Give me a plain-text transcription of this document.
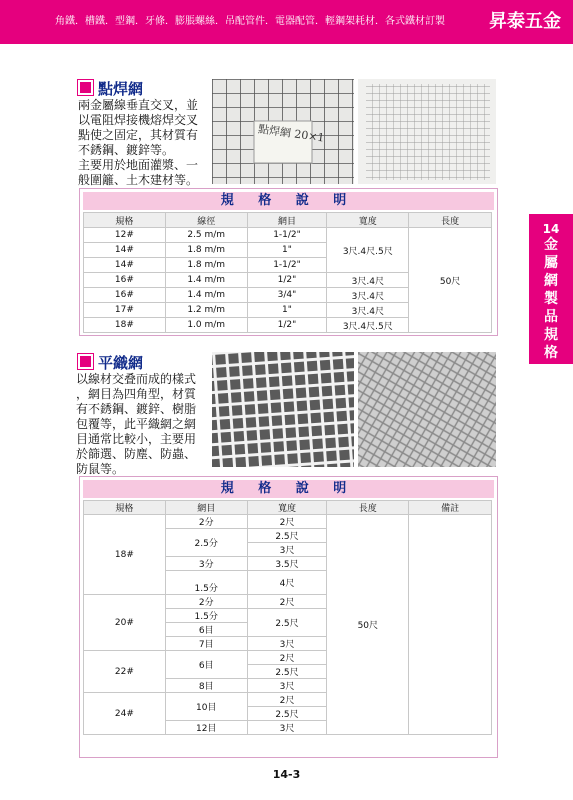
角鐵．槽鐵．型鋼．牙條．膨脹螺絲．吊配管件．電器配管．輕鋼架耗材．各式鐵材訂製 昇泰五金
14
金
屬
網
製
品
規
格
點焊網
兩金屬線垂直交叉，並
以電阻焊接機熔焊交叉
點使之固定，其材質有
不銹鋼、鍍鋅等。
主要用於地面灌漿、一
般圍籬、土木建材等。
點焊網 20×1
規 格 說 明
規格	線徑	網目	寬度	長度
12#	2.5 m/m	1-1/2"	3尺.4尺.5尺	50尺
14#	1.8 m/m	1"		
14#	1.8 m/m	1-1/2"		
16#	1.4 m/m	1/2"	3尺.4尺	
16#	1.4 m/m	3/4"	3尺.4尺	
17#	1.2 m/m	1"	3尺.4尺	
18#	1.0 m/m	1/2"	3尺.4尺.5尺	
平織網
以線材交叠而成的樣式
，網目為四角型，材質
有不銹鋼、鍍鋅、樹脂
包覆等，此平織網之網
目通常比較小，主要用
於篩選、防塵、防蟲、
防鼠等。
規 格 說 明
規格	網目	寬度	長度	備註
18#	2分	2尺	50尺	
	2.5分	2.5尺		
		3尺		
	3分	3.5尺		
	1.5分	4尺		

20#	2分	2尺		
	1.5分	2.5尺		
	6目			
	7目	3尺		
22#	6目	2尺		
		2.5尺		
	8目	3尺		
24#	10目	2尺		
		2.5尺		
	12目	3尺		
14-3
